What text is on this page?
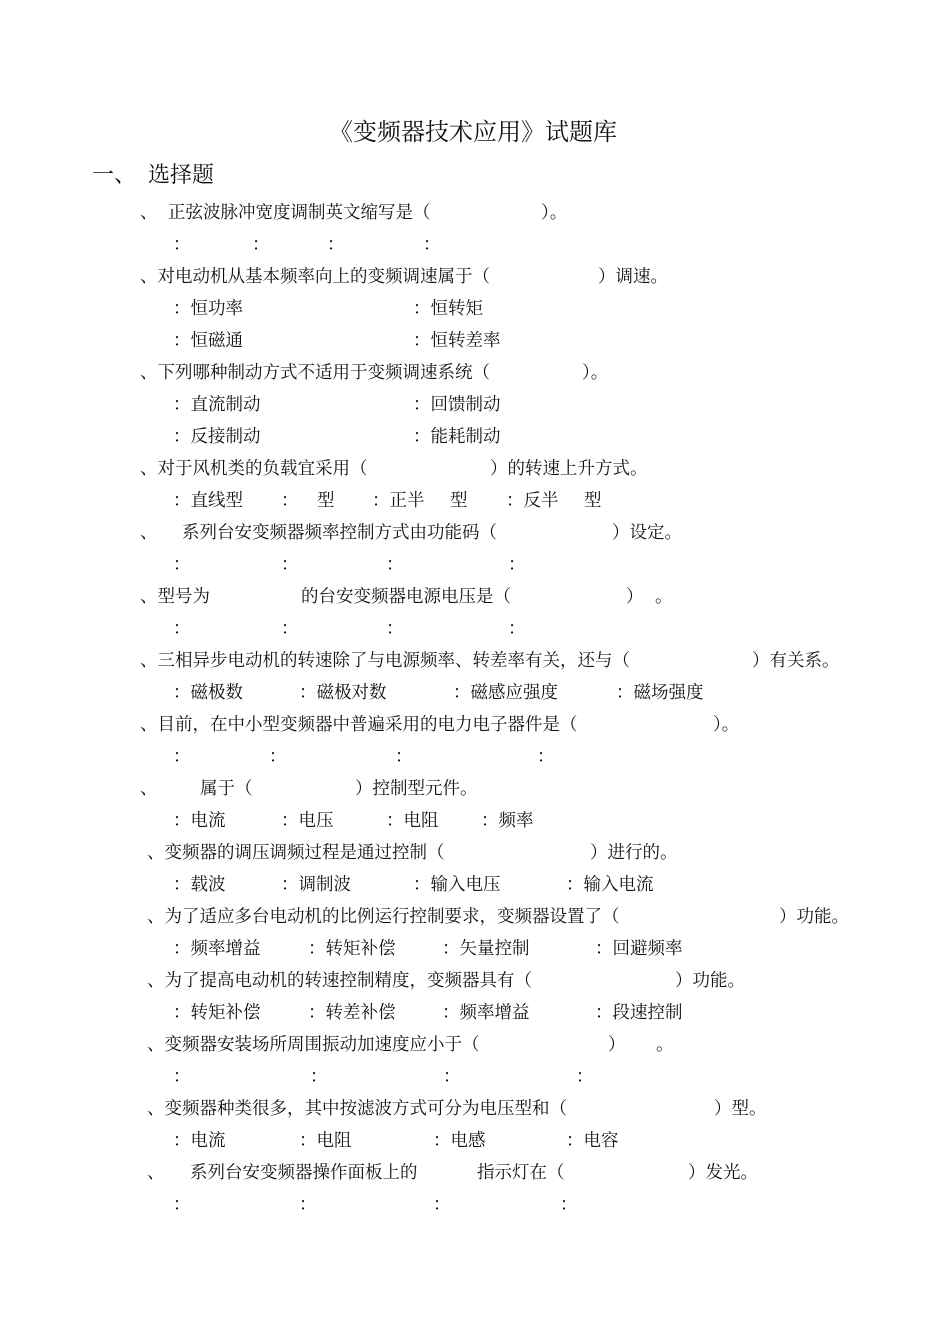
《变频器技术应用》试题库
一、 选择题
、 正弦波脉冲宽度调制英文缩写是（	）。
：	：	：	：
、对电动机从基本频率向上的变频调速属于（	）调速。
：恒功率	：恒转矩
：恒磁通	：恒转差率
、下列哪种制动方式不适用于变频调速系统（	）。
：直流制动	：回馈制动
：反接制动	：能耗制动
、对于风机类的负载宜采用（	）的转速上升方式。
：直线型 ： 型 ：正半 型 ：反半 型
、 系列台安变频器频率控制方式由功能码（	）设定。
：	：	：	：
、型号为	的台安变频器电源电压是（	） 。
：	：	：	：
、三相异步电动机的转速除了与电源频率、转差率有关，还与（	）有关系。
：磁极数	：磁极对数	：磁感应强度	：磁场强度
、目前，在中小型变频器中普遍采用的电力电子器件是（	）。
：	：	：	：
、 属于（	）控制型元件。
：电流	：电压	：电阻 ：频率
、变频器的调压调频过程是通过控制（	）进行的。
：载波	：调制波	：输入电压	：输入电流
、为了适应多台电动机的比例运行控制要求，变频器设置了（	）功能。
：频率增益	：转矩补偿	：矢量控制	：回避频率
、为了提高电动机的转速控制精度，变频器具有（	）功能。
：转矩补偿	：转差补偿	：频率增益	：段速控制
、变频器安装场所周围振动加速度应小于（	） 。
：	：	：	：
、变频器种类很多，其中按滤波方式可分为电压型和（	）型。
：电流	：电阻	：电感	：电容
、 系列台安变频器操作面板上的	指示灯在（	）发光。
：	：	：	：
